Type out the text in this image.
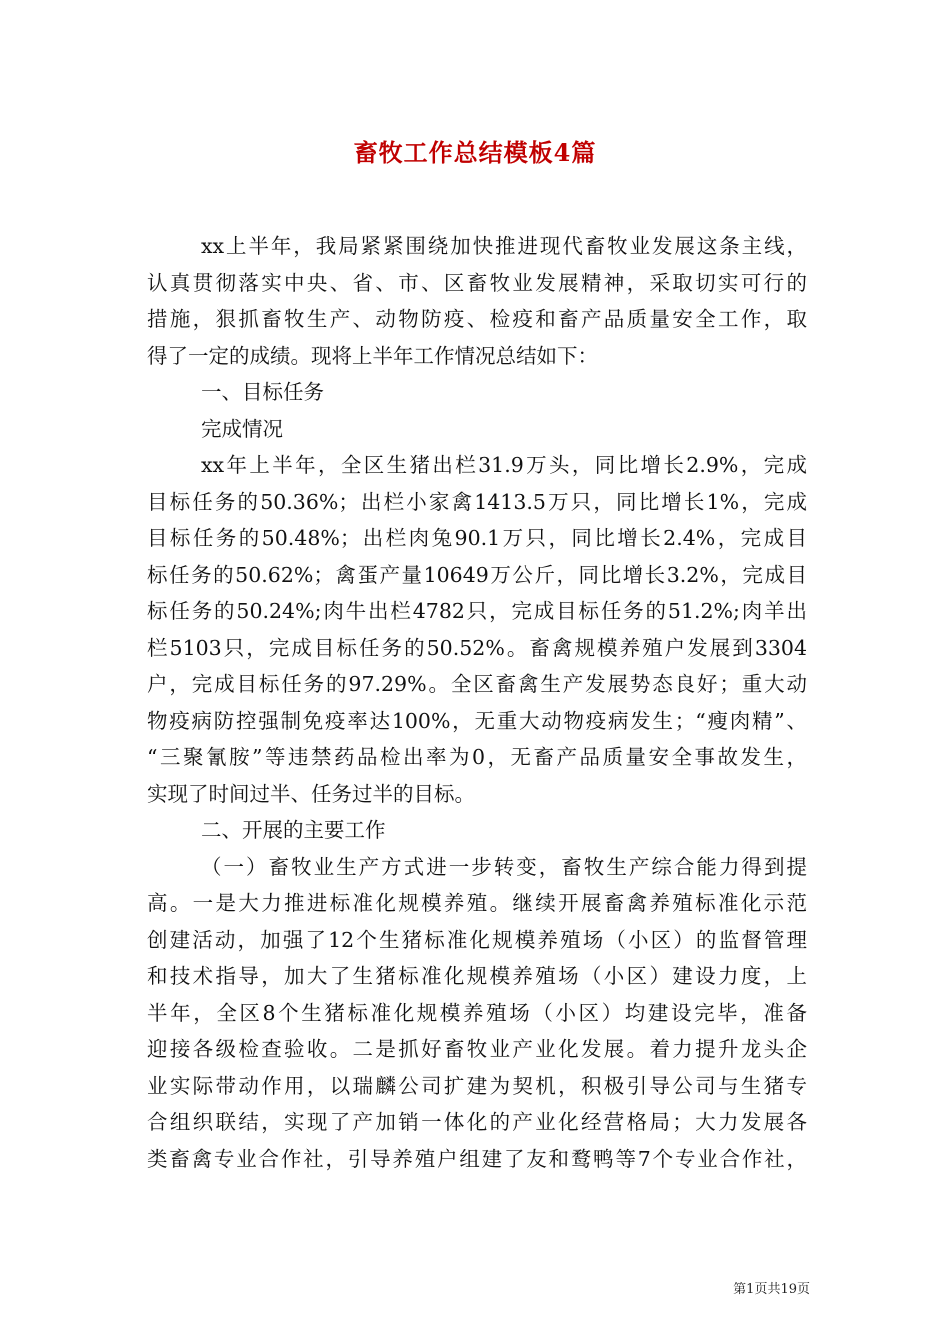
畜牧工作总结模板4篇
xx上半年，我局紧紧围绕加快推进现代畜牧业发展这条主线，
认真贯彻落实中央、省、市、区畜牧业发展精神，采取切实可行的
措施，狠抓畜牧生产、动物防疫、检疫和畜产品质量安全工作，取
得了一定的成绩。现将上半年工作情况总结如下：
一、目标任务
完成情况
xx年上半年，全区生猪出栏31.9万头，同比增长2.9%，完成
目标任务的50.36%；出栏小家禽1413.5万只，同比增长1%，完成
目标任务的50.48%；出栏肉兔90.1万只，同比增长2.4%，完成目
标任务的50.62%；禽蛋产量10649万公斤，同比增长3.2%，完成目
标任务的50.24%;肉牛出栏4782只，完成目标任务的51.2%;肉羊出
栏5103只，完成目标任务的50.52%。畜禽规模养殖户发展到3304
户，完成目标任务的97.29%。全区畜禽生产发展势态良好；重大动
物疫病防控强制免疫率达100%，无重大动物疫病发生；“瘦肉精”、
“三聚氰胺”等违禁药品检出率为0，无畜产品质量安全事故发生，
实现了时间过半、任务过半的目标。
二、开展的主要工作
（一）畜牧业生产方式进一步转变，畜牧生产综合能力得到提
高。一是大力推进标准化规模养殖。继续开展畜禽养殖标准化示范
创建活动，加强了12个生猪标准化规模养殖场（小区）的监督管理
和技术指导，加大了生猪标准化规模养殖场（小区）建设力度，上
半年，全区8个生猪标准化规模养殖场（小区）均建设完毕，准备
迎接各级检查验收。二是抓好畜牧业产业化发展。着力提升龙头企
业实际带动作用，以瑞麟公司扩建为契机，积极引导公司与生猪专
合组织联结，实现了产加销一体化的产业化经营格局；大力发展各
类畜禽专业合作社，引导养殖户组建了友和鹜鸭等7个专业合作社，
第1页共19页
